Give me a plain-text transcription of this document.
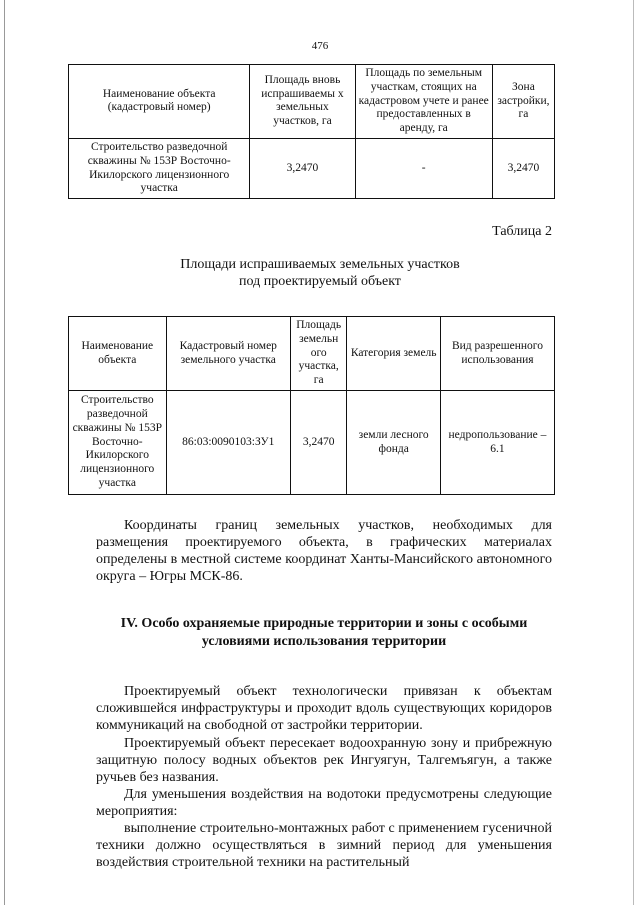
476
Наименование объекта (кадастровый номер)	Площадь вновь испрашиваемы х земельных участков, га	Площадь по земельным участкам, стоящих на кадастровом учете и ранее предоставленных в аренду, га	Зона застройки, га
Строительство разведочной скважины № 153Р Восточно-Икилорского лицензионного участка	3,2470	-	3,2470
Таблица 2
Площади испрашиваемых земельных участков
под проектируемый объект
Наименование объекта	Кадастровый номер земельного участка	Площадь земельн ого участка, га	Категория земель	Вид разрешенного использования
Строительство разведочной скважины № 153Р Восточно-Икилорского лицензионного участка	86:03:0090103:ЗУ1	3,2470	земли лесного фонда	недропользование – 6.1
Координаты границ земельных участков, необходимых для размещения проектируемого объекта, в графических материалах определены в местной системе координат Ханты-Мансийского автономного округа – Югры МСК-86.
IV. Особо охраняемые природные территории и зоны с особыми условиями использования территории
Проектируемый объект технологически привязан к объектам сложившейся инфраструктуры и проходит вдоль существующих коридоров коммуникаций на свободной от застройки территории.
Проектируемый объект пересекает водоохранную зону и прибрежную защитную полосу водных объектов рек Ингуягун, Талгемъягун, а также ручьев без названия.
Для уменьшения воздействия на водотоки предусмотрены следующие мероприятия:
выполнение строительно-монтажных работ с применением гусеничной техники должно осуществляться в зимний период для уменьшения воздействия строительной техники на растительный
